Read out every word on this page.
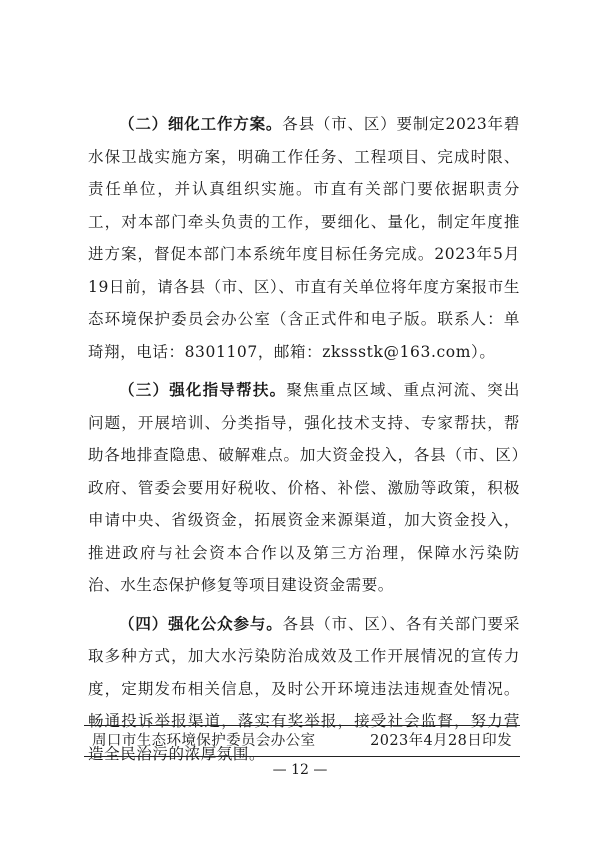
（二）细化工作方案。各县（市、区）要制定2023年碧水保卫战实施方案，明确工作任务、工程项目、完成时限、责任单位，并认真组织实施。市直有关部门要依据职责分工，对本部门牵头负责的工作，要细化、量化，制定年度推进方案，督促本部门本系统年度目标任务完成。2023年5月19日前，请各县（市、区）、市直有关单位将年度方案报市生态环境保护委员会办公室（含正式件和电子版。联系人：单琦翔，电话：8301107，邮箱：zkssstk@163.com）。

（三）强化指导帮扶。聚焦重点区域、重点河流、突出问题，开展培训、分类指导，强化技术支持、专家帮扶，帮助各地排查隐患、破解难点。加大资金投入，各县（市、区）政府、管委会要用好税收、价格、补偿、激励等政策，积极申请中央、省级资金，拓展资金来源渠道，加大资金投入，推进政府与社会资本合作以及第三方治理，保障水污染防治、水生态保护修复等项目建设资金需要。

（四）强化公众参与。各县（市、区）、各有关部门要采取多种方式，加大水污染防治成效及工作开展情况的宣传力度，定期发布相关信息，及时公开环境违法违规查处情况。畅通投诉举报渠道，落实有奖举报，接受社会监督，努力营造全民治污的浓厚氛围。

周口市生态环境保护委员会办公室	2023年4月28日印发
— 12 —
